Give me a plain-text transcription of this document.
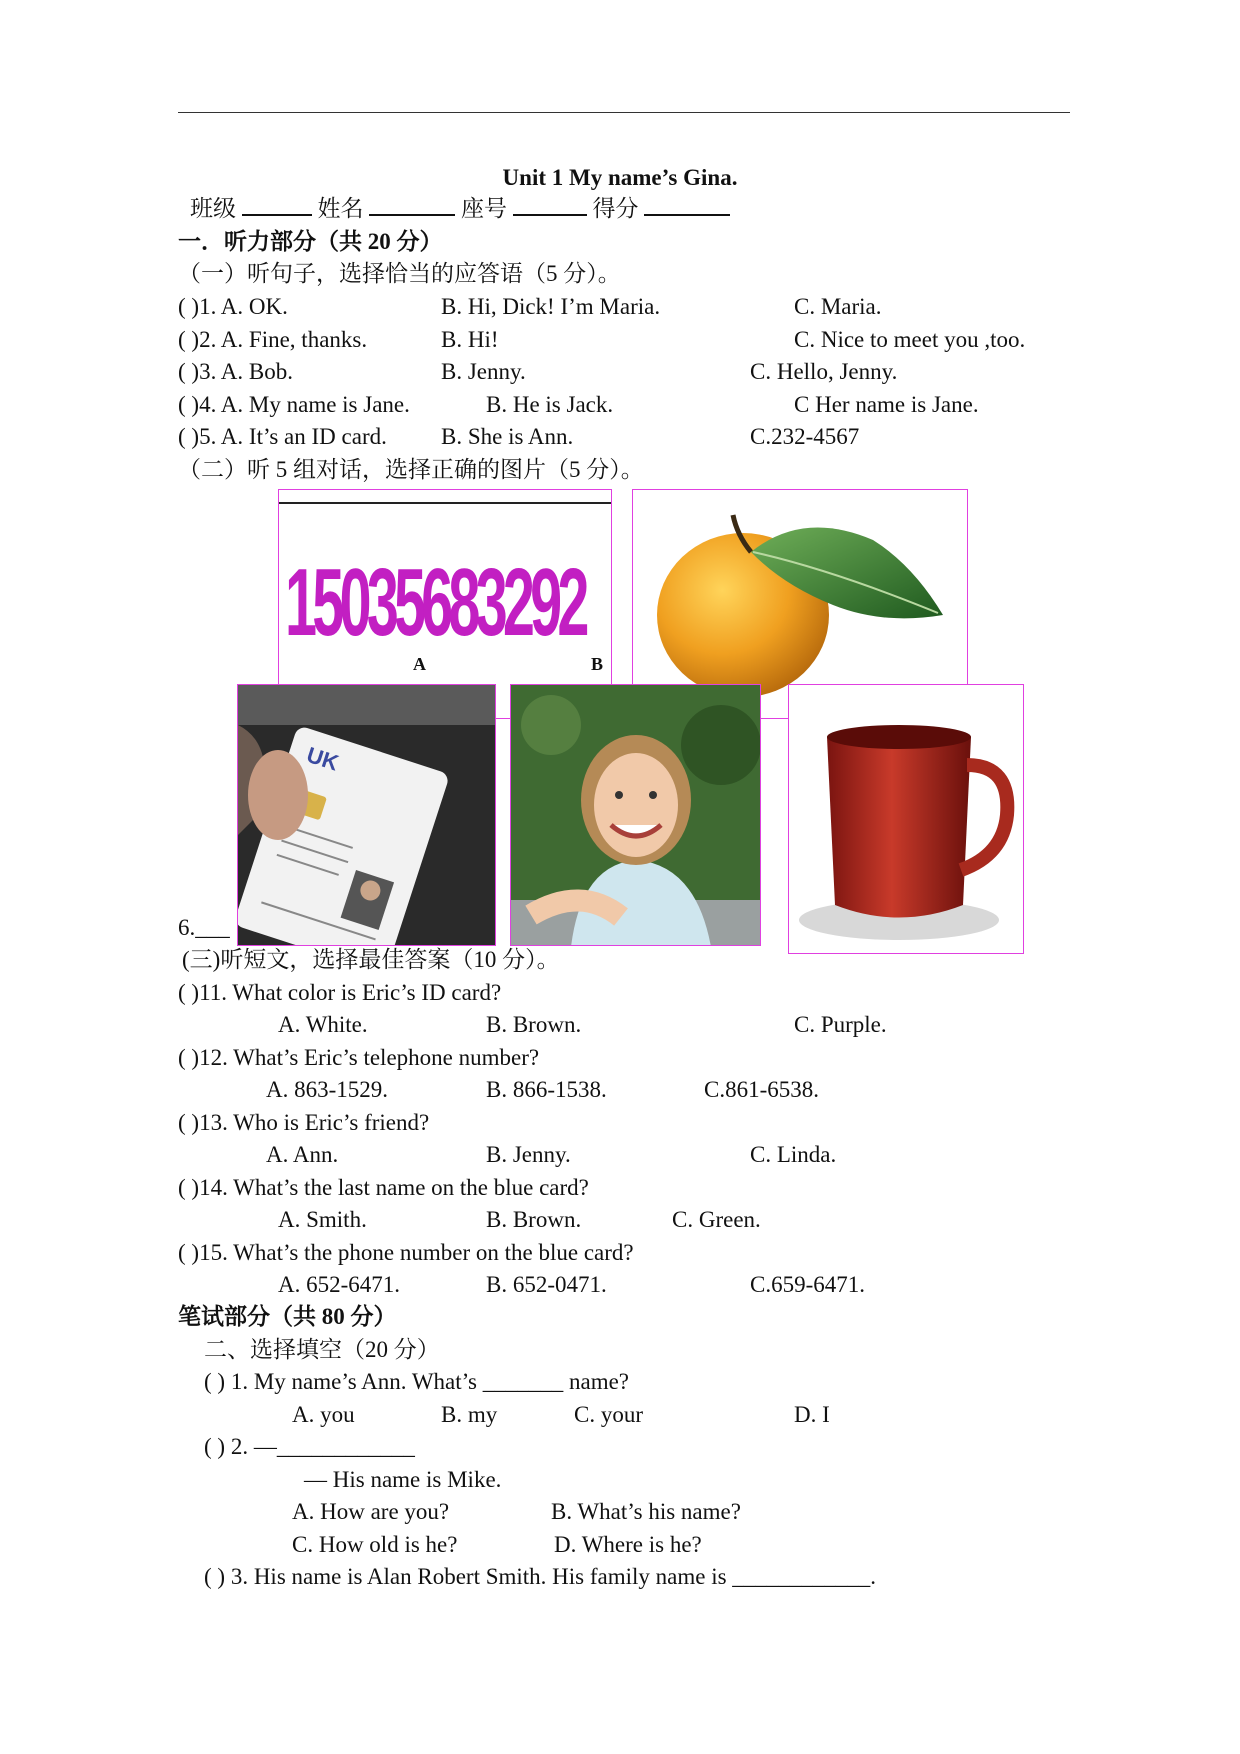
Unit 1 My name’s Gina.
班级	姓名	座号	得分
一．听力部分（共 20 分）
（一）听句子，选择恰当的应答语（5 分）。
( )1. A. OK.	B. Hi, Dick! I’m Maria.	C. Maria.
( )2. A. Fine, thanks.	B. Hi!	C. Nice to meet you ,too.
( )3. A. Bob.	B. Jenny.	C. Hello, Jenny.
( )4. A. My name is Jane.	B. He is Jack.	C Her name is Jane.
( )5. A. It’s an ID card. B. She is Ann.	C.232-4567
（二）听 5 组对话，选择正确的图片（5 分）。
15035683292
A	B
UK
6.___
(三)听短文，选择最佳答案（10 分）。
( )11. What color is Eric’s ID card?
A. White.	B. Brown.	C. Purple.
( )12. What’s Eric’s telephone number?
A. 863-1529.	B. 866-1538.	C.861-6538.
( )13. Who is Eric’s friend?
A. Ann.	B. Jenny.	C. Linda.
( )14. What’s the last name on the blue card?
A. Smith.	B. Brown.	C. Green.
( )15. What’s the phone number on the blue card?
A. 652-6471.	B. 652-0471.	C.659-6471.
笔试部分（共 80 分）
二、选择填空（20 分）
( ) 1. My name’s Ann. What’s _______ name?
A. you	B. my	C. your	D. I
( ) 2. —____________
— His name is Mike.
A. How are you?	B. What’s his name?
C. How old is he?	D. Where is he?
( ) 3. His name is Alan Robert Smith. His family name is ____________.
